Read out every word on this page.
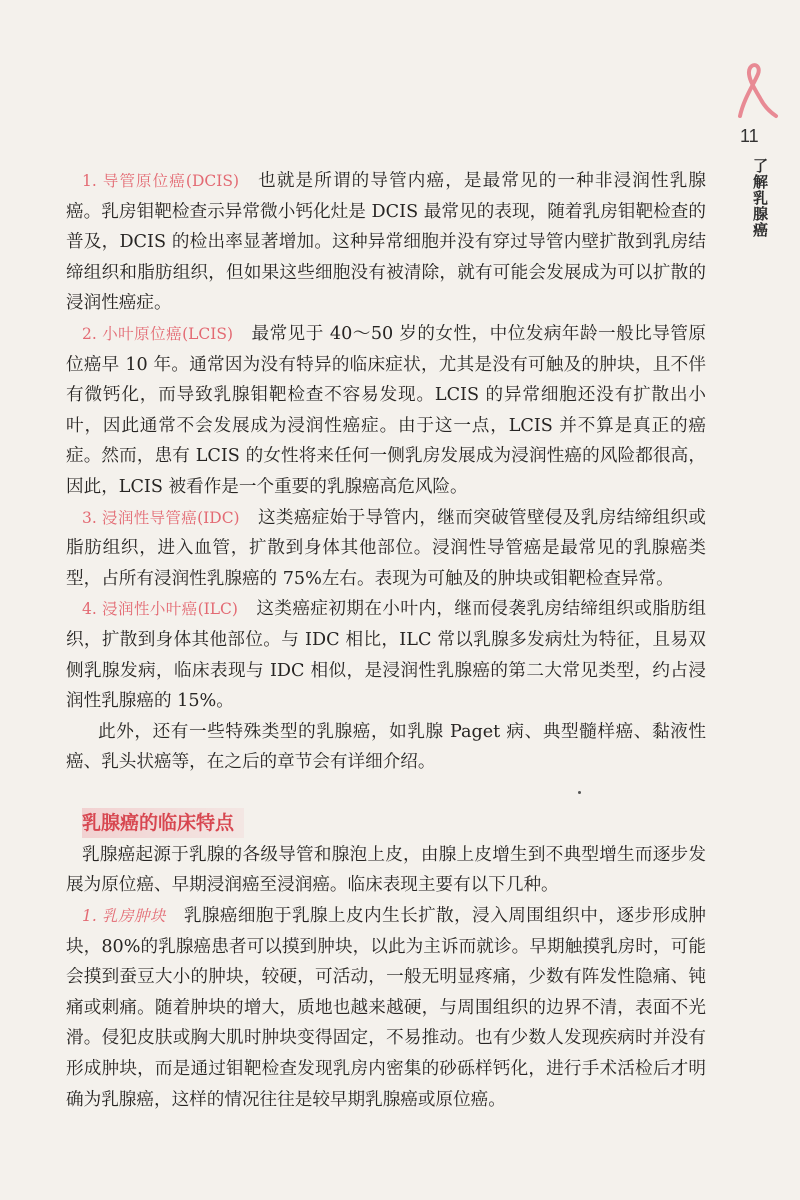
11
了解乳腺癌

1. 导管原位癌(DCIS) 也就是所谓的导管内癌，是最常见的一种非浸润性乳腺癌。乳房钼靶检查示异常微小钙化灶是 DCIS 最常见的表现，随着乳房钼靶检查的普及，DCIS 的检出率显著增加。这种异常细胞并没有穿过导管内壁扩散到乳房结缔组织和脂肪组织，但如果这些细胞没有被清除，就有可能会发展成为可以扩散的浸润性癌症。

2. 小叶原位癌(LCIS) 最常见于 40～50 岁的女性，中位发病年龄一般比导管原位癌早 10 年。通常因为没有特异的临床症状，尤其是没有可触及的肿块，且不伴有微钙化，而导致乳腺钼靶检查不容易发现。LCIS 的异常细胞还没有扩散出小叶，因此通常不会发展成为浸润性癌症。由于这一点，LCIS 并不算是真正的癌症。然而，患有 LCIS 的女性将来任何一侧乳房发展成为浸润性癌的风险都很高，因此，LCIS 被看作是一个重要的乳腺癌高危风险。

3. 浸润性导管癌(IDC) 这类癌症始于导管内，继而突破管壁侵及乳房结缔组织或脂肪组织，进入血管，扩散到身体其他部位。浸润性导管癌是最常见的乳腺癌类型，占所有浸润性乳腺癌的 75%左右。表现为可触及的肿块或钼靶检查异常。

4. 浸润性小叶癌(ILC) 这类癌症初期在小叶内，继而侵袭乳房结缔组织或脂肪组织，扩散到身体其他部位。与 IDC 相比，ILC 常以乳腺多发病灶为特征，且易双侧乳腺发病，临床表现与 IDC 相似，是浸润性乳腺癌的第二大常见类型，约占浸润性乳腺癌的 15%。

此外，还有一些特殊类型的乳腺癌，如乳腺 Paget 病、典型髓样癌、黏液性癌、乳头状癌等，在之后的章节会有详细介绍。

乳腺癌的临床特点

乳腺癌起源于乳腺的各级导管和腺泡上皮，由腺上皮增生到不典型增生而逐步发展为原位癌、早期浸润癌至浸润癌。临床表现主要有以下几种。

1. 乳房肿块 乳腺癌细胞于乳腺上皮内生长扩散，浸入周围组织中，逐步形成肿块，80%的乳腺癌患者可以摸到肿块，以此为主诉而就诊。早期触摸乳房时，可能会摸到蚕豆大小的肿块，较硬，可活动，一般无明显疼痛，少数有阵发性隐痛、钝痛或刺痛。随着肿块的增大，质地也越来越硬，与周围组织的边界不清，表面不光滑。侵犯皮肤或胸大肌时肿块变得固定，不易推动。也有少数人发现疾病时并没有形成肿块，而是通过钼靶检查发现乳房内密集的砂砾样钙化，进行手术活检后才明确为乳腺癌，这样的情况往往是较早期乳腺癌或原位癌。
